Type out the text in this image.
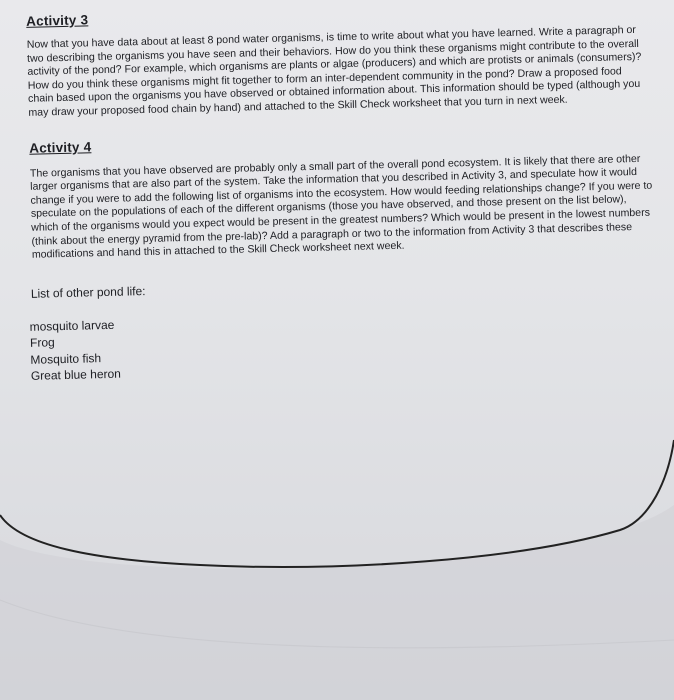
Activity 3

Now that you have data about at least 8 pond water organisms, is time to write about what you have learned. Write a paragraph or two describing the organisms you have seen and their behaviors. How do you think these organisms might contribute to the overall activity of the pond? For example, which organisms are plants or algae (producers) and which are protists or animals (consumers)? How do you think these organisms might fit together to form an inter-dependent community in the pond? Draw a proposed food chain based upon the organisms you have observed or obtained information about. This information should be typed (although you may draw your proposed food chain by hand) and attached to the Skill Check worksheet that you turn in next week.

Activity 4

The organisms that you have observed are probably only a small part of the overall pond ecosystem. It is likely that there are other larger organisms that are also part of the system. Take the information that you described in Activity 3, and speculate how it would change if you were to add the following list of organisms into the ecosystem. How would feeding relationships change? If you were to speculate on the populations of each of the different organisms (those you have observed, and those present on the list below), which of the organisms would you expect would be present in the greatest numbers? Which would be present in the lowest numbers (think about the energy pyramid from the pre-lab)? Add a paragraph or two to the information from Activity 3 that describes these modifications and hand this in attached to the Skill Check worksheet next week.

List of other pond life:
mosquito larvae
Frog
Mosquito fish
Great blue heron
